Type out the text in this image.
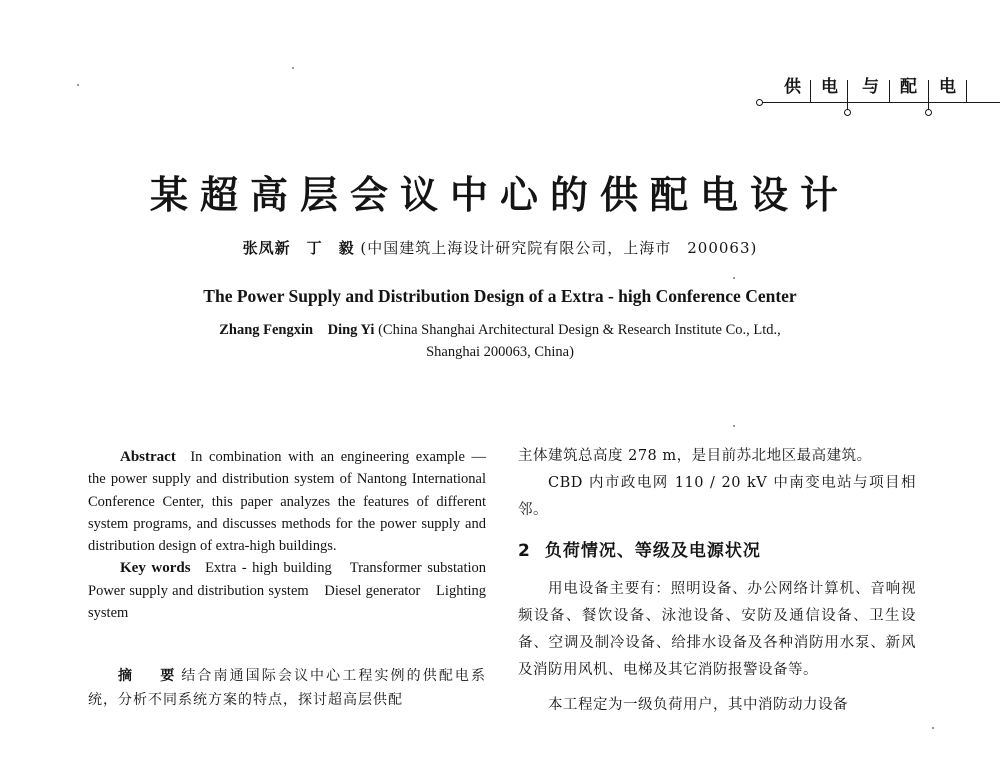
供 电 与 配 电
某超高层会议中心的供配电设计
张凤新　丁　毅 (中国建筑上海设计研究院有限公司，上海市　200063)
The Power Supply and Distribution Design of a Extra - high Conference Center
Zhang Fengxin　Ding Yi (China Shanghai Architectural Design & Research Institute Co., Ltd.,
Shanghai 200063, China)

Abstract  In combination with an engineering example — the power supply and distribution system of Nantong International Conference Center, this paper analyzes the features of different system programs, and discusses methods for the power supply and distribution design of extra-high buildings.

Key words  Extra - high building　Transformer substation　Power supply and distribution system　Diesel generator　Lighting system

摘　要结合南通国际会议中心工程实例的供配电系统，分析不同系统方案的特点，探讨超高层供配

主体建筑总高度 278 m，是目前苏北地区最高建筑。

CBD 内市政电网 110 / 20 kV 中南变电站与项目相邻。

2 负荷情况、等级及电源状况

用电设备主要有：照明设备、办公网络计算机、音响视频设备、餐饮设备、泳池设备、安防及通信设备、卫生设备、空调及制冷设备、给排水设备及各种消防用水泵、新风及消防用风机、电梯及其它消防报警设备等。

本工程定为一级负荷用户，其中消防动力设备
